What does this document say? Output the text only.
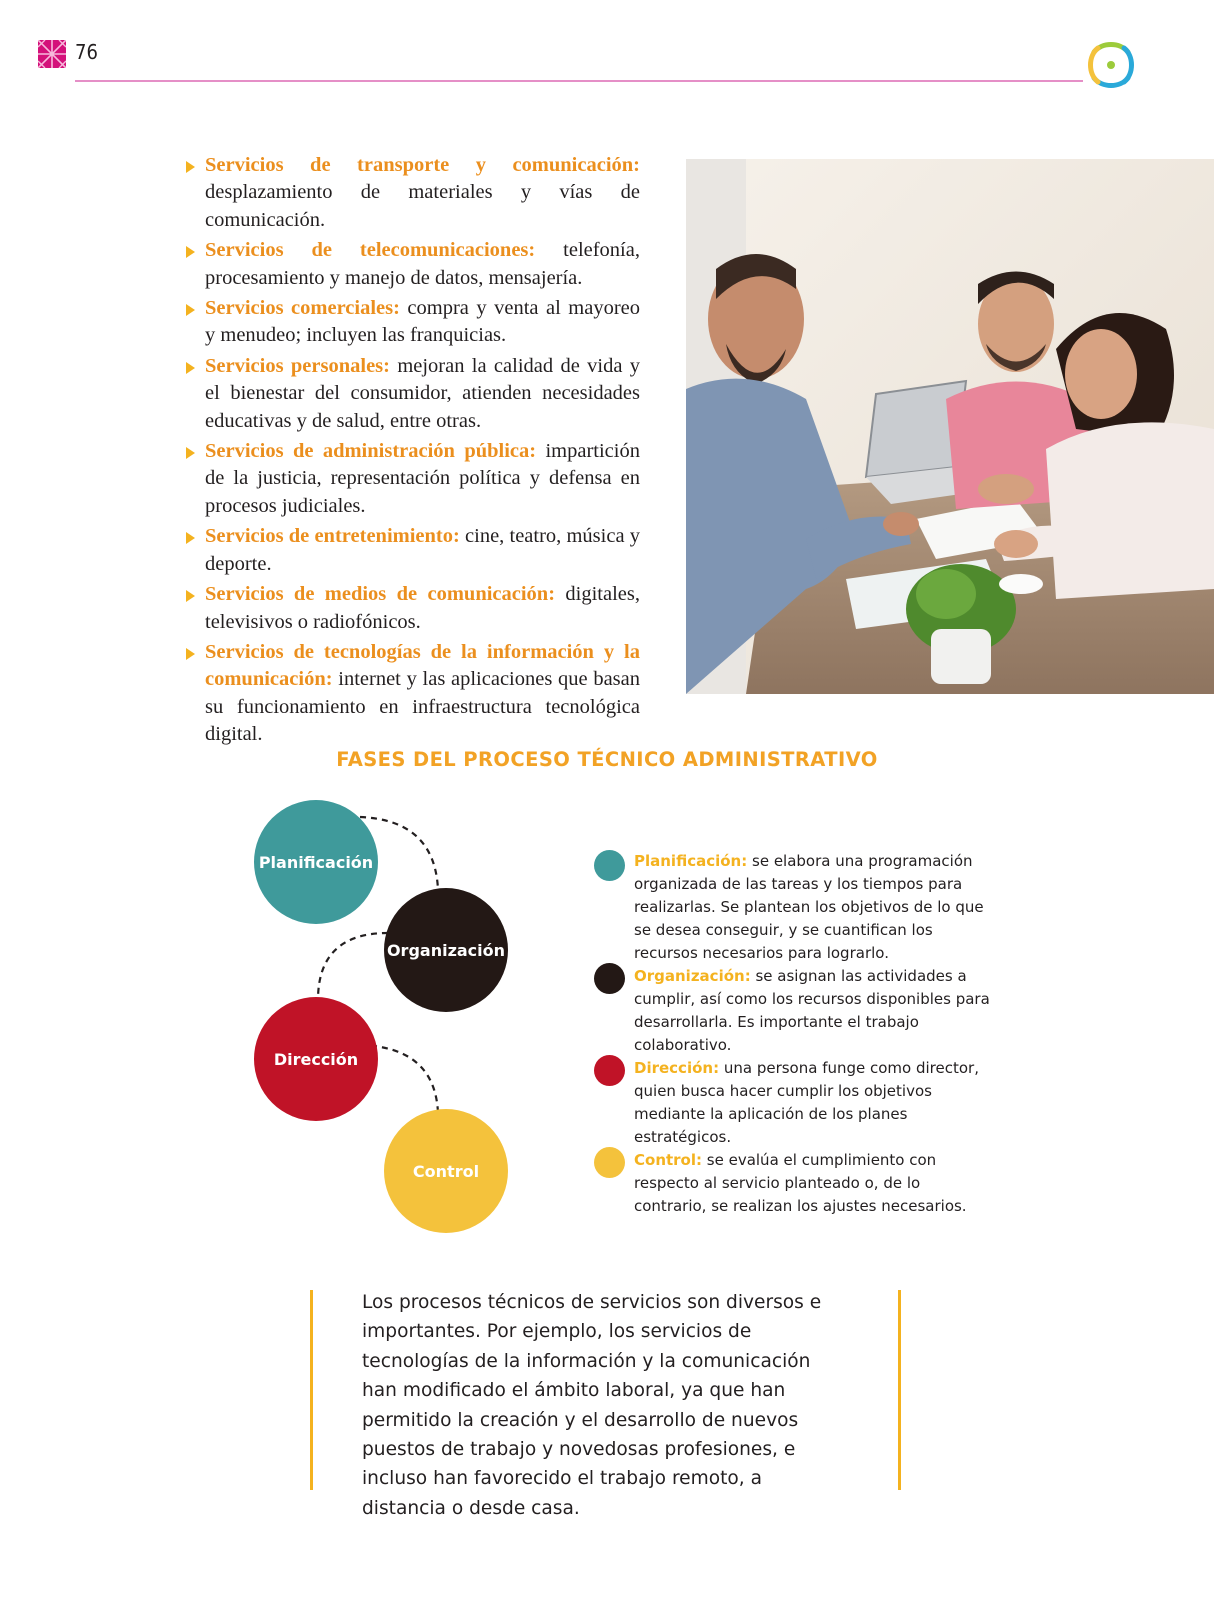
76
Servicios de transporte y comunicación: desplazamiento de materiales y vías de comunicación.
Servicios de telecomunicaciones: telefonía, procesamiento y manejo de datos, mensajería.
Servicios comerciales: compra y venta al mayoreo y menudeo; incluyen las franquicias.
Servicios personales: mejoran la calidad de vida y el bienestar del consumidor, atienden necesidades educativas y de salud, entre otras.
Servicios de administración pública: impartición de la justicia, representación política y defensa en procesos judiciales.
Servicios de entretenimiento: cine, teatro, música y deporte.
Servicios de medios de comunicación: digitales, televisivos o radiofónicos.
Servicios de tecnologías de la información y la comunicación: internet y las aplicaciones que basan su funcionamiento en infraestructura tecnológica digital.
FASES DEL PROCESO TÉCNICO ADMINISTRATIVO
Planificación
Organización
Dirección
Control
Planificación: se elabora una programación organizada de las tareas y los tiempos para realizarlas. Se plantean los objetivos de lo que se desea conseguir, y se cuantifican los recursos necesarios para lograrlo.
Organización: se asignan las actividades a cumplir, así como los recursos disponibles para desarrollarla. Es importante el trabajo colaborativo.
Dirección: una persona funge como director, quien busca hacer cumplir los objetivos mediante la aplicación de los planes estratégicos.
Control: se evalúa el cumplimiento con respecto al servicio planteado o, de lo contrario, se realizan los ajustes necesarios.

Los procesos técnicos de servicios son diversos e importantes. Por ejemplo, los servicios de tecnologías de la información y la comunicación han modificado el ámbito laboral, ya que han permitido la creación y el desarrollo de nuevos puestos de trabajo y novedosas profesiones, e incluso han favorecido el trabajo remoto, a distancia o desde casa.
